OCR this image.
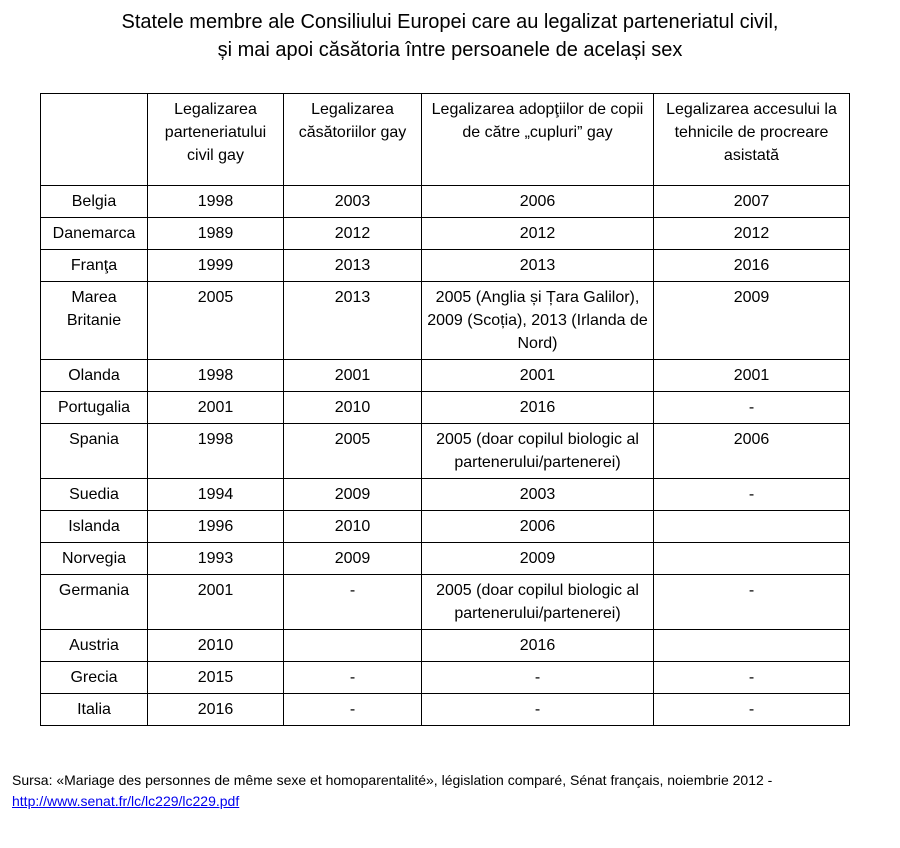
Statele membre ale Consiliului Europei care au legalizat parteneriatul civil,
și mai apoi căsătoria între persoanele de același sex
	Legalizarea parteneriatului civil gay	Legalizarea căsătoriilor gay	Legalizarea adopţiilor de copii de către „cupluri” gay	Legalizarea accesului la tehnicile de procreare asistată
Belgia	1998	2003	2006	2007
Danemarca	1989	2012	2012	2012
Franţa	1999	2013	2013	2016
Marea Britanie	2005	2013	2005 (Anglia și Țara Galilor), 2009 (Scoția), 2013 (Irlanda de Nord)	2009
Olanda	1998	2001	2001	2001
Portugalia	2001	2010	2016	-
Spania	1998	2005	2005 (doar copilul biologic al partenerului/partenerei)	2006
Suedia	1994	2009	2003	-
Islanda	1996	2010	2006	
Norvegia	1993	2009	2009	
Germania	2001	-	2005 (doar copilul biologic al partenerului/partenerei)	-
Austria	2010		2016	
Grecia	2015	-	-	-
Italia	2016	-	-	-
Sursa: «Mariage des personnes de même sexe et homoparentalité», législation comparé, Sénat français, noiembrie 2012 -
http://www.senat.fr/lc/lc229/lc229.pdf
